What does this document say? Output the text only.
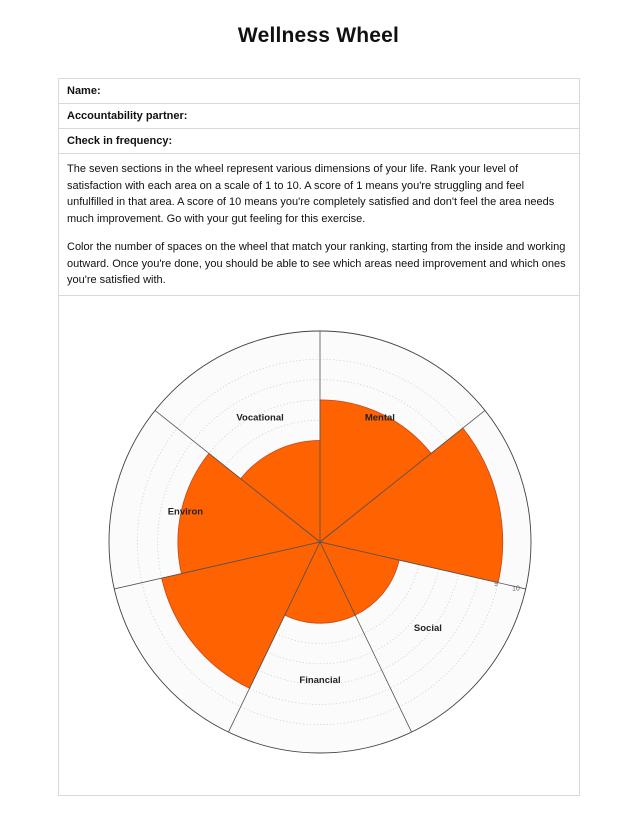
Wellness Wheel
Name:
Accountability partner:
Check in frequency:

The seven sections in the wheel represent various dimensions of your life. Rank your level of satisfaction with each area on a scale of 1 to 10. A score of 1 means you're struggling and feel unfulfilled in that area. A score of 10 means you're completely satisfied and don't feel the area needs much improvement. Go with your gut feeling for this exercise.

Color the number of spaces on the wheel that match your ranking, starting from the inside and working outward. Once you're done, you should be able to see which areas need improvement and which ones you're satisfied with.

Mental
Social
Financial
Environ
Vocational
9
10
